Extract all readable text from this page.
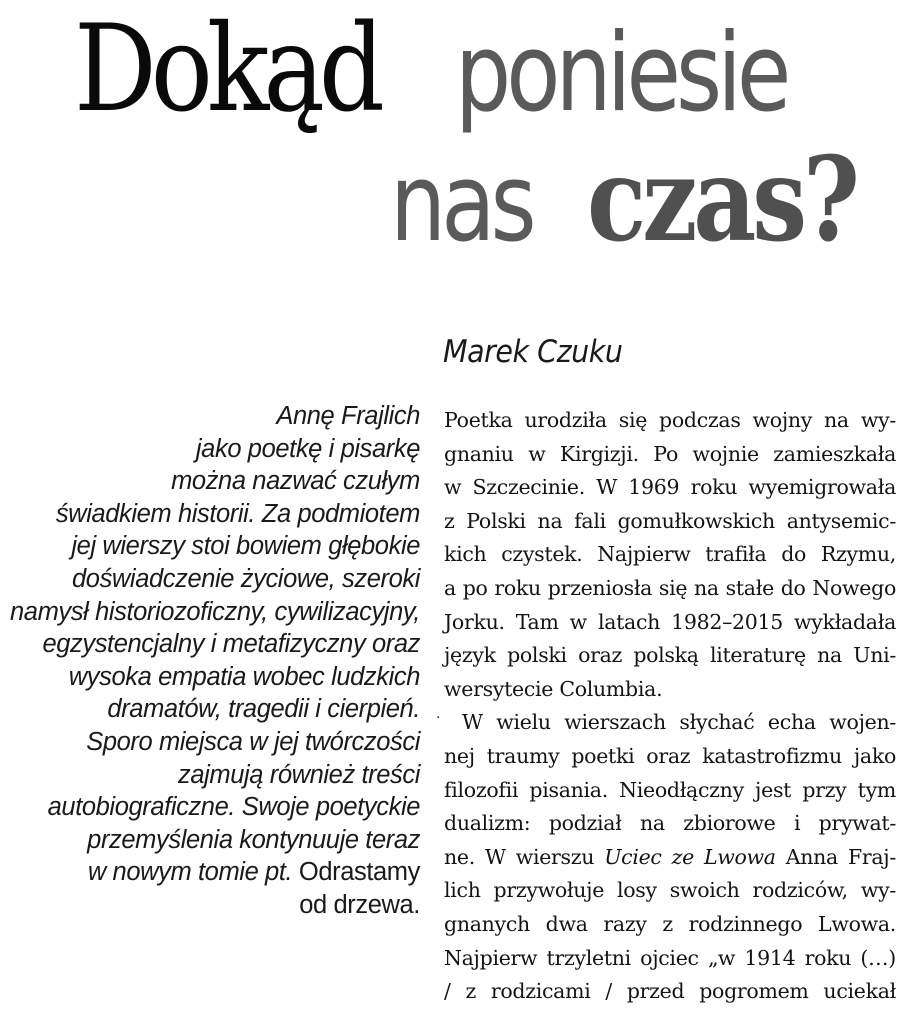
Dokąd poniesie
nas czas?
Marek Czuku
Annę Frajlich
jako poetkę i pisarkę
można nazwać czułym
świadkiem historii. Za podmiotem
jej wierszy stoi bowiem głębokie
doświadczenie życiowe, szeroki
namysł historiozoficzny, cywilizacyjny,
egzystencjalny i metafizyczny oraz
wysoka empatia wobec ludzkich
dramatów, tragedii i cierpień.
Sporo miejsca w jej twórczości
zajmują również treści
autobiograficzne. Swoje poetyckie
przemyślenia kontynuuje teraz
w nowym tomie pt. Odrastamy
od drzewa.
·
Poetka urodziła się podczas wojny na wy-
gnaniu w Kirgizji. Po wojnie zamieszkała
w Szczecinie. W 1969 roku wyemigrowała
z Polski na fali gomułkowskich antysemic-
kich czystek. Najpierw trafiła do Rzymu,
a po roku przeniosła się na stałe do Nowego
Jorku. Tam w latach 1982–2015 wykładała
język polski oraz polską literaturę na Uni-
wersytecie Columbia.
W wielu wierszach słychać echa wojen-
nej traumy poetki oraz katastrofizmu jako
filozofii pisania. Nieodłączny jest przy tym
dualizm: podział na zbiorowe i prywat-
ne. W wierszu Uciec ze Lwowa Anna Fraj-
lich przywołuje losy swoich rodziców, wy-
gnanych dwa razy z rodzinnego Lwowa.
Najpierw trzyletni ojciec „w 1914 roku (…)
/ z rodzicami / przed pogromem uciekał
